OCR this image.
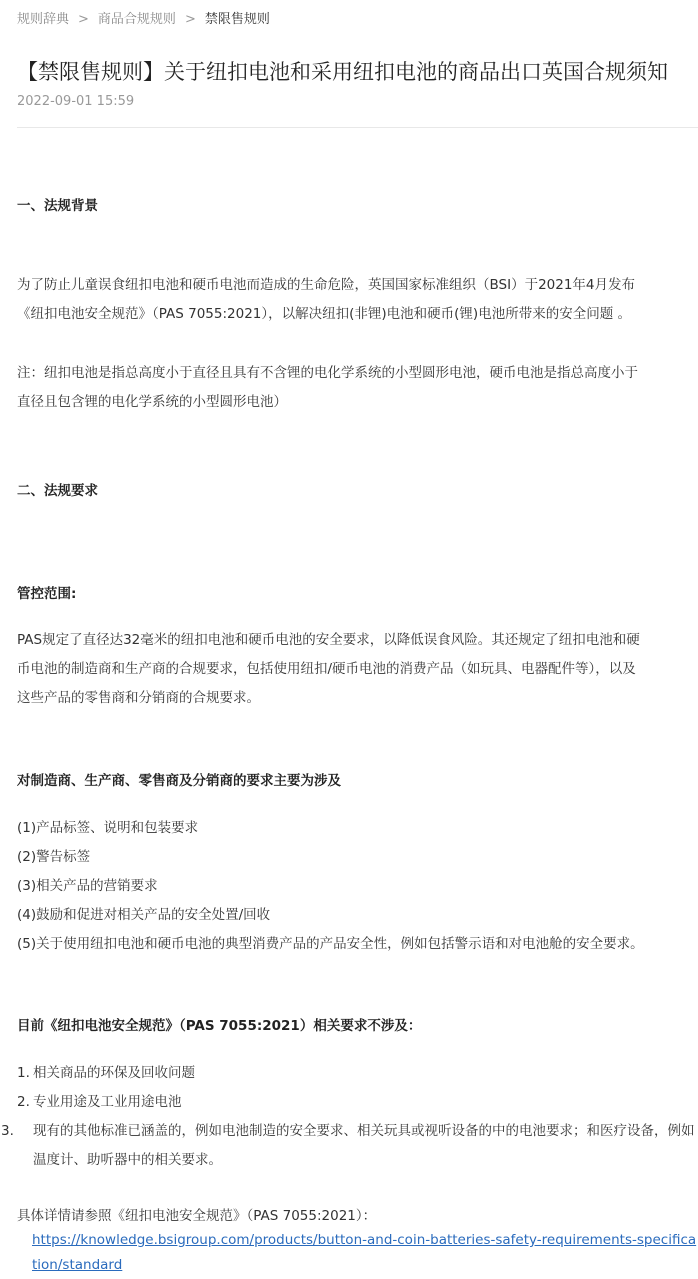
规则辞典 > 商品合规规则 > 禁限售规则
【禁限售规则】关于纽扣电池和采用纽扣电池的商品出口英国合规须知
2022-09-01 15:59
一、法规背景
为了防止儿童误食纽扣电池和硬币电池而造成的生命危险，英国国家标准组织（BSI）于2021年4月发布
《纽扣电池安全规范》（PAS 7055:2021），以解决纽扣(非锂)电池和硬币(锂)电池所带来的安全问题 。
注：纽扣电池是指总高度小于直径且具有不含锂的电化学系统的小型圆形电池，硬币电池是指总高度小于
直径且包含锂的电化学系统的小型圆形电池）
二、法规要求
管控范围:
PAS规定了直径达32毫米的纽扣电池和硬币电池的安全要求，以降低误食风险。其还规定了纽扣电池和硬
币电池的制造商和生产商的合规要求，包括使用纽扣/硬币电池的消费产品（如玩具、电器配件等），以及
这些产品的零售商和分销商的合规要求。
对制造商、生产商、零售商及分销商的要求主要为涉及
(1)产品标签、说明和包装要求
(2)警告标签
(3)相关产品的营销要求
(4)鼓励和促进对相关产品的安全处置/回收
(5)关于使用纽扣电池和硬币电池的典型消费产品的产品安全性，例如包括警示语和对电池舱的安全要求。
目前《纽扣电池安全规范》（PAS 7055:2021）相关要求不涉及：
1. 相关商品的环保及回收问题
2. 专业用途及工业用途电池
3. 现有的其他标准已涵盖的，例如电池制造的安全要求、相关玩具或视听设备的中的电池要求；和医疗设备，例如温度计、助听器中的相关要求。
具体详情请参照《纽扣电池安全规范》（PAS 7055:2021）：
https://knowledge.bsigroup.com/products/button-and-coin-batteries-safety-requirements-specification/standard
